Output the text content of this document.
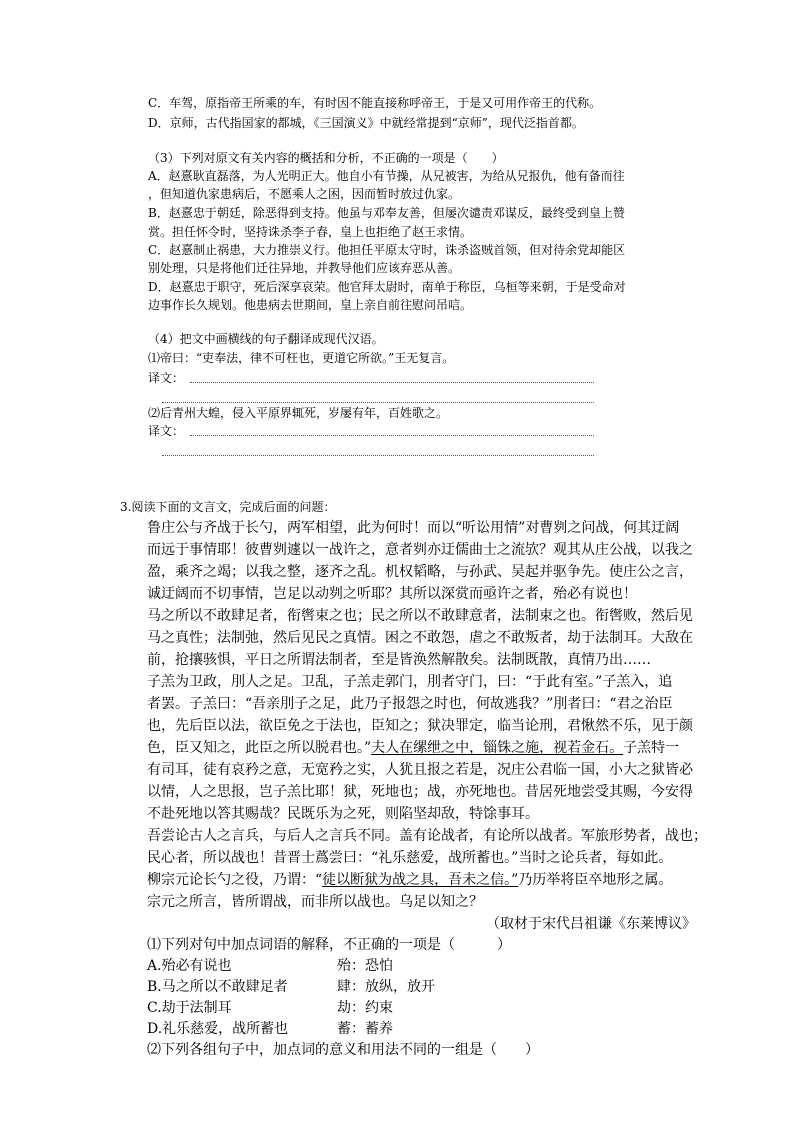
C．车驾，原指帝王所乘的车，有时因不能直接称呼帝王，于是又可用作帝王的代称。
D．京师，古代指国家的都城，《三国演义》中就经常提到“京师”，现代泛指首都。
（3）下列对原文有关内容的概括和分析，不正确的一项是（　　）
A．赵憙耿直磊落，为人光明正大。他自小有节操，从兄被害，为给从兄报仇，他有备而往
，但知道仇家患病后，不愿乘人之困，因而暂时放过仇家。
B．赵憙忠于朝廷，除恶得到支持。他虽与邓奉友善，但屡次谴责邓谋反，最终受到皇上赞
赏。担任怀令时，坚持诛杀李子春，皇上也拒绝了赵王求情。
C．赵憙制止祸患，大力推崇义行。他担任平原太守时，诛杀盗贼首领，但对待余党却能区
别处理，只是将他们迁往异地，并教导他们应该弃恶从善。
D．赵憙忠于职守，死后深享哀荣。他官拜太尉时，南单于称臣，乌桓等来朝，于是受命对
边事作长久规划。他患病去世期间，皇上亲自前往慰问吊唁。
（4）把文中画横线的句子翻译成现代汉语。
⑴帝曰：“吏奉法，律不可枉也，更道它所欲。”王无复言。
译文：
⑵后青州大蝗，侵入平原界辄死，岁屡有年，百姓歌之。
译文：
3.阅读下面的文言文，完成后面的问题：
鲁庄公与齐战于长勺，两军相望，此为何时！而以“听讼用情”对曹刿之问战，何其迂阔
而远于事情耶！彼曹刿遽以一战许之，意者刿亦迂儒曲士之流欤？观其从庄公战，以我之
盈，乘齐之竭；以我之整，逐齐之乱。机权韬略，与孙武、吴起并驱争先。使庄公之言，
诚迂阔而不切事情，岂足以动刿之听耶？其所以深赏而亟许之者，殆必有说也！
马之所以不敢肆足者，衔辔束之也；民之所以不敢肆意者，法制束之也。衔辔败，然后见
马之真性；法制弛，然后见民之真情。困之不敢怨，虐之不敢叛者，劫于法制耳。大敌在
前，抢攘骇惧，平日之所谓法制者，至是皆涣然解散矣。法制既散，真情乃出……
子羔为卫政，刖人之足。卫乱，子羔走郭门，刖者守门，曰：“于此有室。”子羔入，追
者罢。子羔曰：“吾亲刖子之足，此乃子报怨之时也，何故逃我？”刖者曰：“君之治臣
也，先后臣以法，欲臣免之于法也，臣知之；狱决罪定，临当论刑，君愀然不乐，见于颜
色，臣又知之，此臣之所以脱君也。”夫人在缧绁之中，锱铢之施，视若金石。子羔特一
有司耳，徒有哀矜之意，无宽矜之实，人犹且报之若是，况庄公君临一国，小大之狱皆必
以情，人之思报，岂子羔比耶！狱，死地也；战，亦死地也。昔居死地尝受其赐，今安得
不赴死地以答其赐哉？民既乐为之死，则陷坚却敌，特馀事耳。
吾尝论古人之言兵，与后人之言兵不同。盖有论战者，有论所以战者。军旅形势者，战也；
民心者，所以战也！昔晋士蔿尝曰：“礼乐慈爱，战所蓄也。”当时之论兵者，每如此。
柳宗元论长勺之役，乃谓：“徒以断狱为战之具，吾未之信。”乃历举将臣卒地形之属。
宗元之所言，皆所谓战，而非所以战也。乌足以知之？
（取材于宋代吕祖谦《东莱博议》
⑴下列对句中加点词语的解释，不正确的一项是（　　　）
A.殆必有说也	殆：恐怕
B.马之所以不敢肆足者	肆：放纵，放开
C.劫于法制耳	劫：约束
D.礼乐慈爱，战所蓄也	蓄：蓄养
⑵下列各组句子中，加点词的意义和用法不同的一组是（　　）
